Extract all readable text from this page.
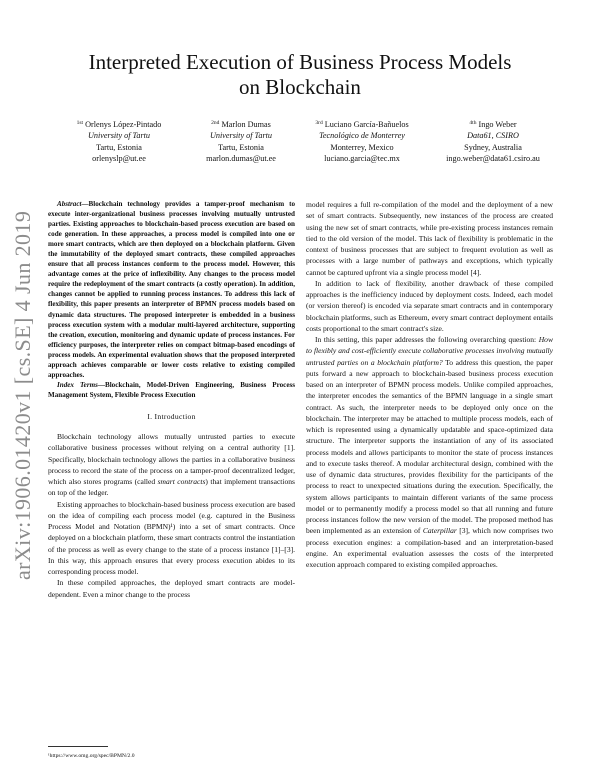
arXiv:1906.01420v1 [cs.SE] 4 Jun 2019
Interpreted Execution of Business Process Models
on Blockchain
$^{1st}$ Orlenys López-Pintado
University of Tartu
Tartu, Estonia
orlenyslp@ut.ee
$^{2nd}$ Marlon Dumas
University of Tartu
Tartu, Estonia
marlon.dumas@ut.ee
$^{3rd}$ Luciano García-Bañuelos
Tecnológico de Monterrey
Monterrey, Mexico
luciano.garcia@tec.mx
$^{4th}$ Ingo Weber
Data61, CSIRO
Sydney, Australia
ingo.weber@data61.csiro.au

Abstract—Blockchain technology provides a tamper-proof mechanism to execute inter-organizational business processes involving mutually untrusted parties. Existing approaches to blockchain-based process execution are based on code generation. In these approaches, a process model is compiled into one or more smart contracts, which are then deployed on a blockchain platform. Given the immutability of the deployed smart contracts, these compiled approaches ensure that all process instances conform to the process model. However, this advantage comes at the price of inflexibility. Any changes to the process model require the redeployment of the smart contracts (a costly operation). In addition, changes cannot be applied to running process instances. To address this lack of flexibility, this paper presents an interpreter of BPMN process models based on dynamic data structures. The proposed interpreter is embedded in a business process execution system with a modular multi-layered architecture, supporting the creation, execution, monitoring and dynamic update of process instances. For efficiency purposes, the interpreter relies on compact bitmap-based encodings of process models. An experimental evaluation shows that the proposed interpreted approach achieves comparable or lower costs relative to existing compiled approaches.

Index Terms—Blockchain, Model-Driven Engineering, Business Process Management System, Flexible Process Execution

I. Introduction

Blockchain technology allows mutually untrusted parties to execute collaborative business processes without relying on a central authority [1]. Specifically, blockchain technology allows the parties in a collaborative business process to record the state of the process on a tamper-proof decentralized ledger, which also stores programs (called smart contracts) that implement transactions on top of the ledger.

Existing approaches to blockchain-based business process execution are based on the idea of compiling each process model (e.g. captured in the Business Process Model and Notation (BPMN)¹) into a set of smart contracts. Once deployed on a blockchain platform, these smart contracts control the instantiation of the process as well as every change to the state of a process instance [1]–[3]. In this way, this approach ensures that every process execution abides to its corresponding process model.

In these compiled approaches, the deployed smart contracts are model-dependent. Even a minor change to the process

¹https://www.omg.org/spec/BPMN/2.0

model requires a full re-compilation of the model and the deployment of a new set of smart contracts. Subsequently, new instances of the process are created using the new set of smart contracts, while pre-existing process instances remain tied to the old version of the model. This lack of flexibility is problematic in the context of business processes that are subject to frequent evolution as well as processes with a large number of pathways and exceptions, which typically cannot be captured upfront via a single process model [4].

In addition to lack of flexibility, another drawback of these compiled approaches is the inefficiency induced by deployment costs. Indeed, each model (or version thereof) is encoded via separate smart contracts and in contemporary blockchain platforms, such as Ethereum, every smart contract deployment entails costs proportional to the smart contract's size.

In this setting, this paper addresses the following overarching question: How to flexibly and cost-efficiently execute collaborative processes involving mutually untrusted parties on a blockchain platform? To address this question, the paper puts forward a new approach to blockchain-based business process execution based on an interpreter of BPMN process models. Unlike compiled approaches, the interpreter encodes the semantics of the BPMN language in a single smart contract. As such, the interpreter needs to be deployed only once on the blockchain. The interpreter may be attached to multiple process models, each of which is represented using a dynamically updatable and space-optimized data structure. The interpreter supports the instantiation of any of its associated process models and allows participants to monitor the state of process instances and to execute tasks thereof. A modular architectural design, combined with the use of dynamic data structures, provides flexibility for the participants of the process to react to unexpected situations during the execution. Specifically, the system allows participants to maintain different variants of the same process model or to permanently modify a process model so that all running and future process instances follow the new version of the model. The proposed method has been implemented as an extension of Caterpillar [3], which now comprises two process execution engines: a compilation-based and an interpretation-based engine. An experimental evaluation assesses the costs of the interpreted execution approach compared to existing compiled approaches.
